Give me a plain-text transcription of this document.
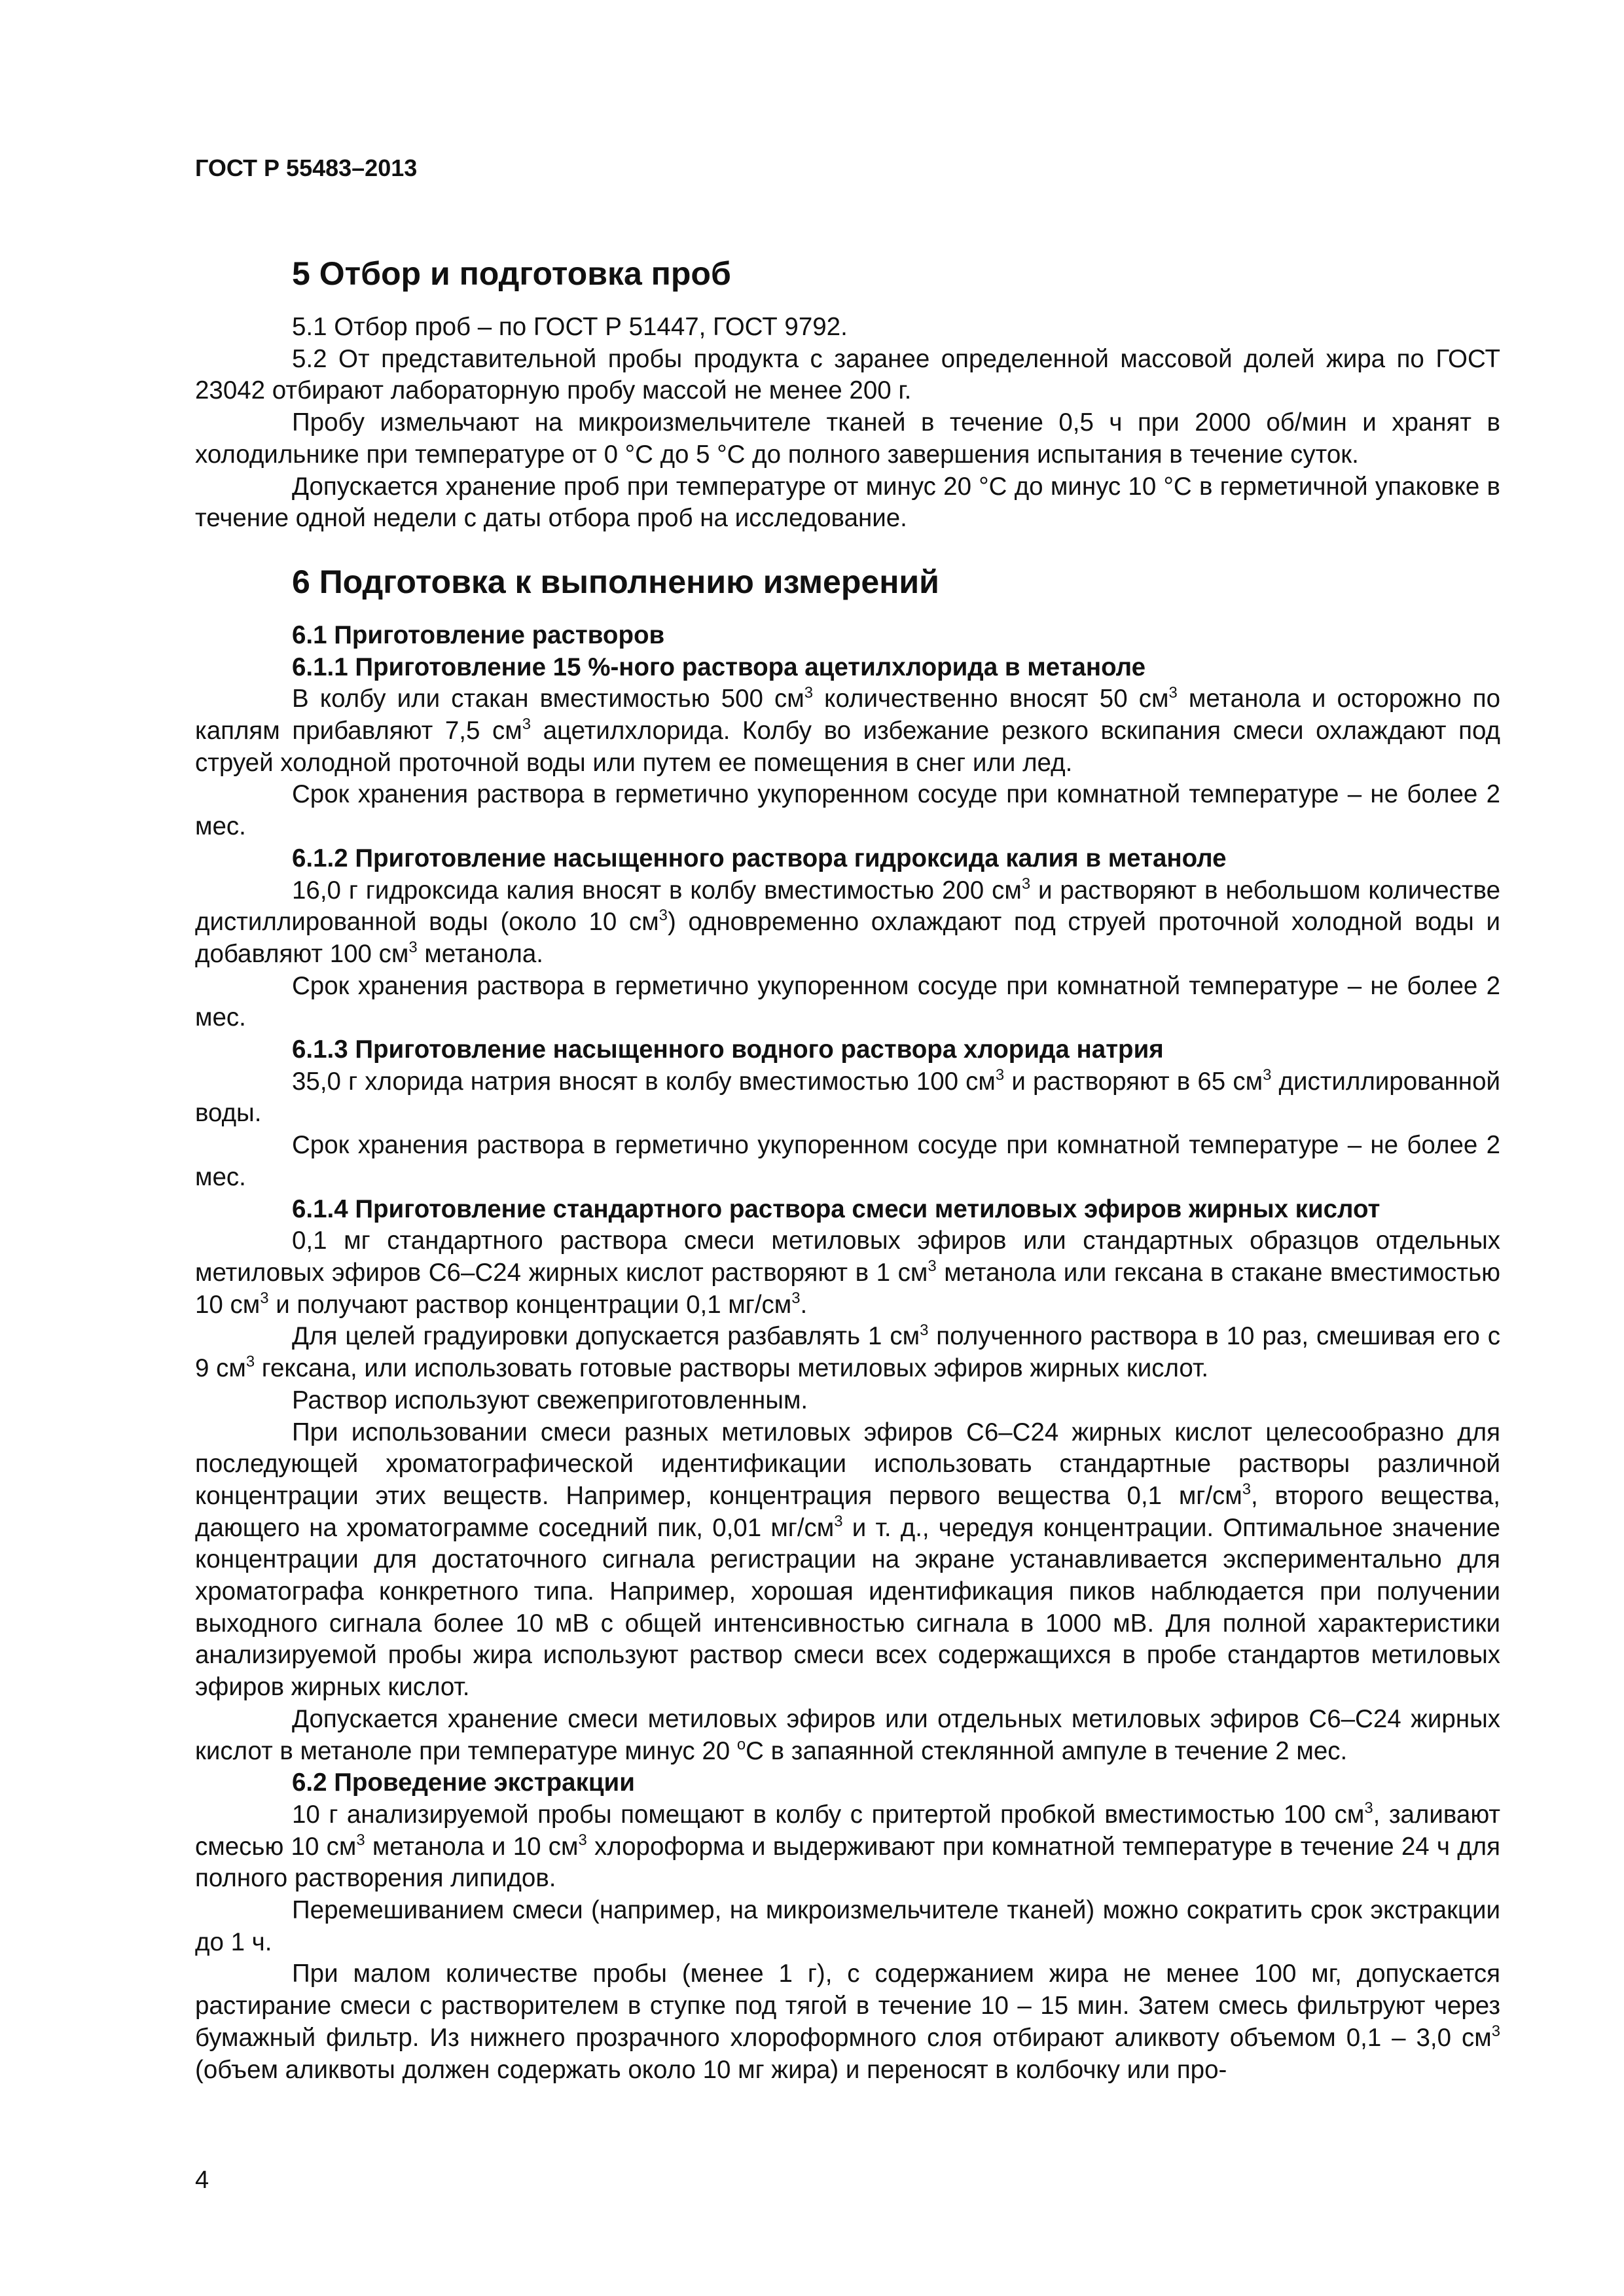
ГОСТ Р 55483–2013
5 Отбор и подготовка проб

5.1 Отбор проб – по ГОСТ Р 51447, ГОСТ 9792.

5.2 От представительной пробы продукта с заранее определенной массовой долей жира по ГОСТ 23042 отбирают лабораторную пробу массой не менее 200 г.

Пробу измельчают на микроизмельчителе тканей в течение 0,5 ч при 2000 об/мин и хранят в холодильнике при температуре от 0 °С до 5 °С до полного завершения испытания в течение суток.

Допускается хранение проб при температуре от минус 20 °С до минус 10 °С в герметичной упаковке в течение одной недели с даты отбора проб на исследование.

6 Подготовка к выполнению измерений

6.1 Приготовление растворов

6.1.1 Приготовление 15 %-ного раствора ацетилхлорида в метаноле

В колбу или стакан вместимостью 500 $см^3$ количественно вносят 50 $см^3$ метанола и осторожно по каплям прибавляют 7,5 $см^3$ ацетилхлорида. Колбу во избежание резкого вскипания смеси охлаждают под струей холодной проточной воды или путем ее помещения в снег или лед.

Срок хранения раствора в герметично укупоренном сосуде при комнатной температуре – не более 2 мес.

6.1.2 Приготовление насыщенного раствора гидроксида калия в метаноле

16,0 г гидроксида калия вносят в колбу вместимостью 200 $см^3$ и растворяют в небольшом количестве дистиллированной воды (около 10 $см^3$) одновременно охлаждают под струей проточной холодной воды и добавляют 100 $см^3$ метанола.

Срок хранения раствора в герметично укупоренном сосуде при комнатной температуре – не более 2 мес.

6.1.3 Приготовление насыщенного водного раствора хлорида натрия

35,0 г хлорида натрия вносят в колбу вместимостью 100 $см^3$ и растворяют в 65 $см^3$ дистиллированной воды.

Срок хранения раствора в герметично укупоренном сосуде при комнатной температуре – не более 2 мес.

6.1.4 Приготовление стандартного раствора смеси метиловых эфиров жирных кислот

0,1 мг стандартного раствора смеси метиловых эфиров или стандартных образцов отдельных метиловых эфиров С6–С24 жирных кислот растворяют в 1 $см^3$ метанола или гексана в стакане вместимостью 10 $см^3$ и получают раствор концентрации 0,1 $мг/см^3$.

Для целей градуировки допускается разбавлять 1 $см^3$ полученного раствора в 10 раз, смешивая его с 9 $см^3$ гексана, или использовать готовые растворы метиловых эфиров жирных кислот.

Раствор используют свежеприготовленным.

При использовании смеси разных метиловых эфиров С6–С24 жирных кислот целесообразно для последующей хроматографической идентификации использовать стандартные растворы различной концентрации этих веществ. Например, концентрация первого вещества 0,1 $мг/см^3$, второго вещества, дающего на хроматограмме соседний пик, 0,01 $мг/см^3$ и т. д., чередуя концентрации. Оптимальное значение концентрации для достаточного сигнала регистрации на экране устанавливается экспериментально для хроматографа конкретного типа. Например, хорошая идентификация пиков наблюдается при получении выходного сигнала более 10 мВ с общей интенсивностью сигнала в 1000 мВ. Для полной характеристики анализируемой пробы жира используют раствор смеси всех содержащихся в пробе стандартов метиловых эфиров жирных кислот.

Допускается хранение смеси метиловых эфиров или отдельных метиловых эфиров С6–С24 жирных кислот в метаноле при температуре минус 20 $^о$С в запаянной стеклянной ампуле в течение 2 мес.

6.2 Проведение экстракции

10 г анализируемой пробы помещают в колбу с притертой пробкой вместимостью 100 $см^3$, заливают смесью 10 $см^3$ метанола и 10 $см^3$ хлороформа и выдерживают при комнатной температуре в течение 24 ч для полного растворения липидов.

Перемешиванием смеси (например, на микроизмельчителе тканей) можно сократить срок экстракции до 1 ч.

При малом количестве пробы (менее 1 г), с содержанием жира не менее 100 мг, допускается растирание смеси с растворителем в ступке под тягой в течение 10 – 15 мин. Затем смесь фильтруют через бумажный фильтр. Из нижнего прозрачного хлороформного слоя отбирают аликвоту объемом 0,1 – 3,0 $см^3$ (объем аликвоты должен содержать около 10 мг жира) и переносят в колбочку или про-

4
